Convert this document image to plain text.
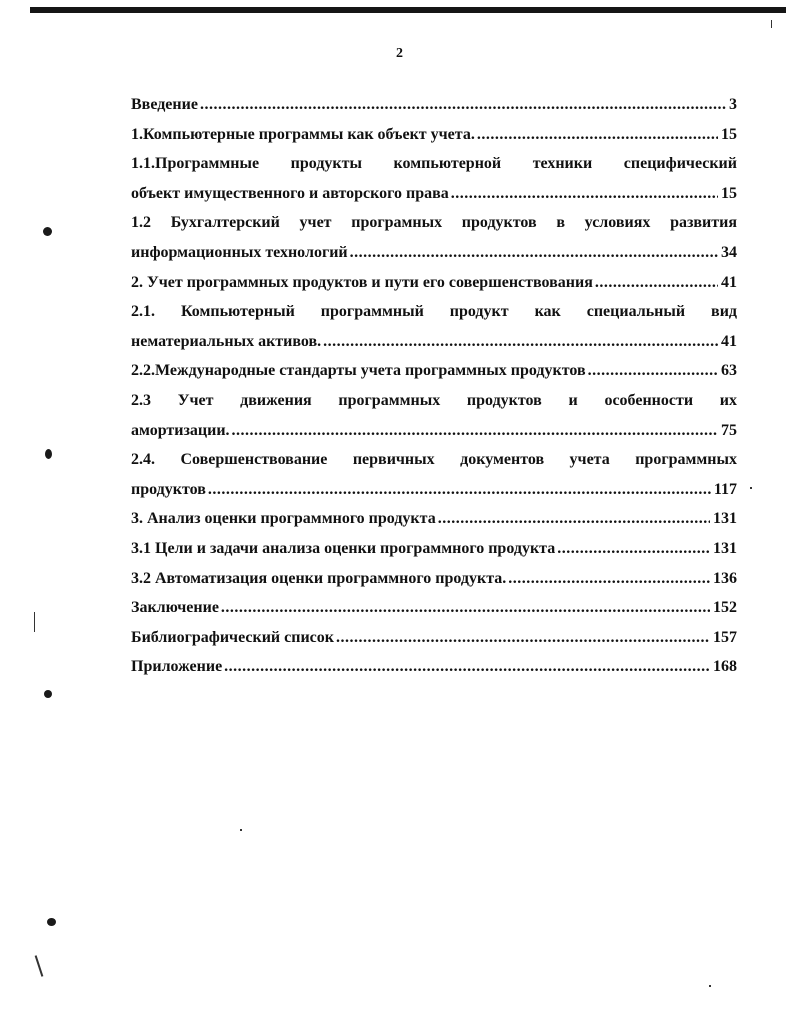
2
Введение .....	3
1.Компьютерные программы как объект учета. .....	15
1.1.Программные продукты компьютерной техники специфический
объект имущественного и авторского права .....	15
1.2 Бухгалтерский учет програмных продуктов в условиях развития
информационных технологий .....	34
2. Учет программных продуктов и пути его совершенствования .....	41
2.1. Компьютерный программный продукт как специальный вид
нематериальных активов. .....	41
2.2.Международные стандарты учета программных продуктов .....	63
2.3 Учет движения программных продуктов и особенности их
амортизации. .....	75
2.4. Совершенствование первичных документов учета программных
продуктов .....	117
3. Анализ оценки программного продукта .....	131
3.1 Цели и задачи анализа оценки программного продукта .....	131
3.2 Автоматизация оценки программного продукта. .....	136
Заключение .....	152
Библиографический список .....	157
Приложение .....	168
